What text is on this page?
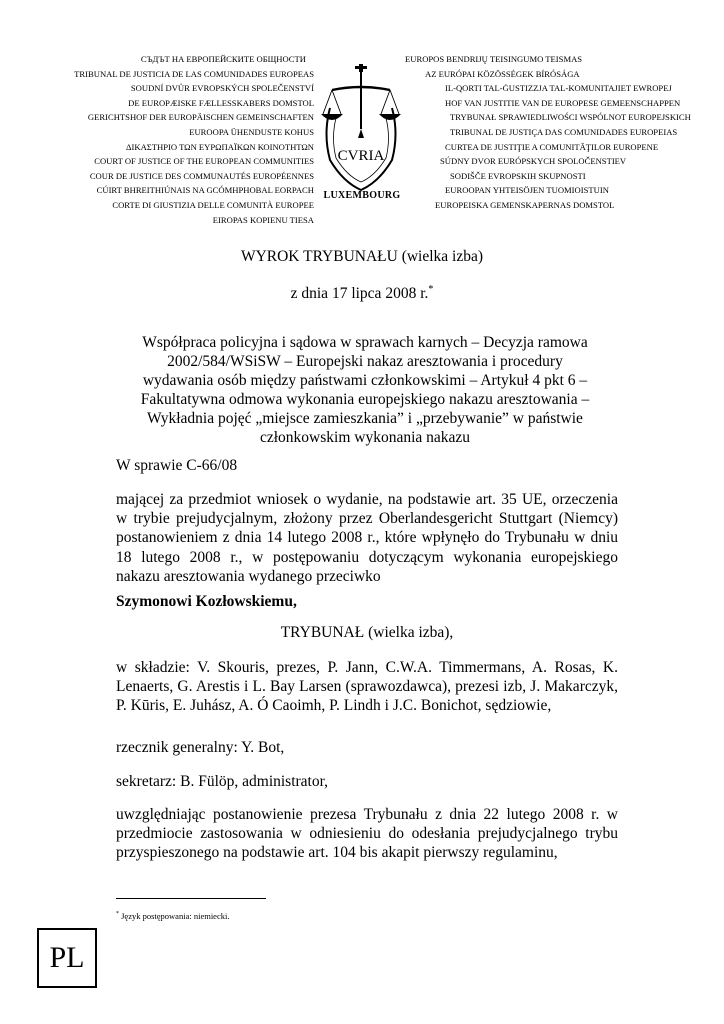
СЪДЪТ НА ЕВРОПЕЙСКИТЕ ОБЩНОСТИ
TRIBUNAL DE JUSTICIA DE LAS COMUNIDADES EUROPEAS
SOUDNÍ DVŮR EVROPSKÝCH SPOLEČENSTVÍ
DE EUROPÆISKE FÆLLESSKABERS DOMSTOL
GERICHTSHOF DER EUROPÄISCHEN GEMEINSCHAFTEN
EUROOPA ÜHENDUSTE KOHUS
ΔΙΚΑΣΤΗΡΙΟ ΤΩΝ ΕΥΡΩΠΑΪΚΩΝ ΚΟΙΝΟΤΗΤΩΝ
COURT OF JUSTICE OF THE EUROPEAN COMMUNITIES
COUR DE JUSTICE DES COMMUNAUTÉS EUROPÉENNES
CÚIRT BHREITHIÚNAIS NA GCÓMHPHOBAL EORPACH
CORTE DI GIUSTIZIA DELLE COMUNITÀ EUROPEE
EIROPAS KOPIENU TIESA
CVRIA
LUXEMBOURG
EUROPOS BENDRIJŲ TEISINGUMO TEISMAS
AZ EURÓPAI KÖZÖSSÉGEK BÍRÓSÁGA
IL-QORTI TAL-ĠUSTIZZJA TAL-KOMUNITAJIET EWROPEJ
HOF VAN JUSTITIE VAN DE EUROPESE GEMEENSCHAPPEN
TRYBUNAŁ SPRAWIEDLIWOŚCI WSPÓLNOT EUROPEJSKICH
TRIBUNAL DE JUSTIÇA DAS COMUNIDADES EUROPEIAS
CURTEA DE JUSTIŢIE A COMUNITĂŢILOR EUROPENE
SÚDNY DVOR EURÓPSKYCH SPOLOČENSTIEV
SODIŠČE EVROPSKIH SKUPNOSTI
EUROOPAN YHTEISÖJEN TUOMIOISTUIN
EUROPEISKA GEMENSKAPERNAS DOMSTOL
WYROK TRYBUNAŁU (wielka izba)
z dnia 17 lipca 2008 r.*
Współpraca policyjna i sądowa w sprawach karnych – Decyzja ramowa 2002/584/WSiSW – Europejski nakaz aresztowania i procedury wydawania osób między państwami członkowskimi – Artykuł 4 pkt 6 – Fakultatywna odmowa wykonania europejskiego nakazu aresztowania – Wykładnia pojęć „miejsce zamieszkania” i „przebywanie” w państwie członkowskim wykonania nakazu
W sprawie C-66/08
mającej za przedmiot wniosek o wydanie, na podstawie art. 35 UE, orzeczenia w trybie prejudycjalnym, złożony przez Oberlandesgericht Stuttgart (Niemcy) postanowieniem z dnia 14 lutego 2008 r., które wpłynęło do Trybunału w dniu 18 lutego 2008 r., w postępowaniu dotyczącym wykonania europejskiego nakazu aresztowania wydanego przeciwko
Szymonowi Kozłowskiemu,
TRYBUNAŁ (wielka izba),
w składzie: V. Skouris, prezes, P. Jann, C.W.A. Timmermans, A. Rosas, K. Lenaerts, G. Arestis i L. Bay Larsen (sprawozdawca), prezesi izb, J. Makarczyk, P. Kūris, E. Juhász, A. Ó Caoimh, P. Lindh i J.C. Bonichot, sędziowie,
rzecznik generalny: Y. Bot,
sekretarz: B. Fülöp, administrator,
uwzględniając postanowienie prezesa Trybunału z dnia 22 lutego 2008 r. w przedmiocie zastosowania w odniesieniu do odesłania prejudycjalnego trybu przyspieszonego na podstawie art. 104 bis akapit pierwszy regulaminu,
* Język postępowania: niemiecki.
PL
